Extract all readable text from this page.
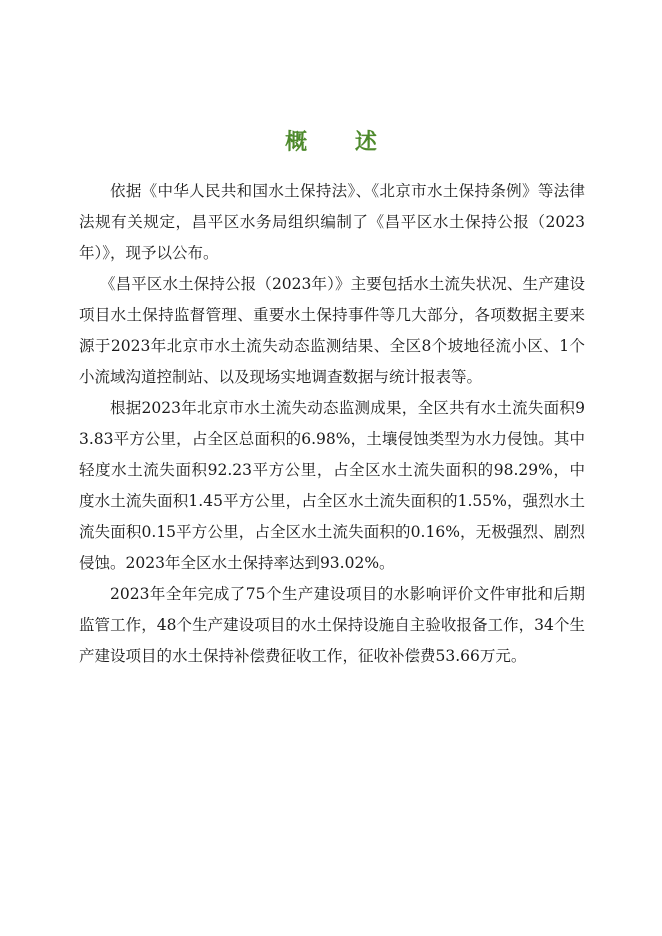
概 述

依据《中华人民共和国水土保持法》、《北京市水土保持条例》等法律法规有关规定，昌平区水务局组织编制了《昌平区水土保持公报（2023年）》，现予以公布。

《昌平区水土保持公报（2023年）》主要包括水土流失状况、生产建设项目水土保持监督管理、重要水土保持事件等几大部分，各项数据主要来源于2023年北京市水土流失动态监测结果、全区8个坡地径流小区、1个小流域沟道控制站、以及现场实地调查数据与统计报表等。

根据2023年北京市水土流失动态监测成果，全区共有水土流失面积93.83平方公里，占全区总面积的6.98%，土壤侵蚀类型为水力侵蚀。其中轻度水土流失面积92.23平方公里，占全区水土流失面积的98.29%，中度水土流失面积1.45平方公里，占全区水土流失面积的1.55%，强烈水土流失面积0.15平方公里，占全区水土流失面积的0.16%，无极强烈、剧烈侵蚀。2023年全区水土保持率达到93.02%。

2023年全年完成了75个生产建设项目的水影响评价文件审批和后期监管工作，48个生产建设项目的水土保持设施自主验收报备工作，34个生产建设项目的水土保持补偿费征收工作，征收补偿费53.66万元。
